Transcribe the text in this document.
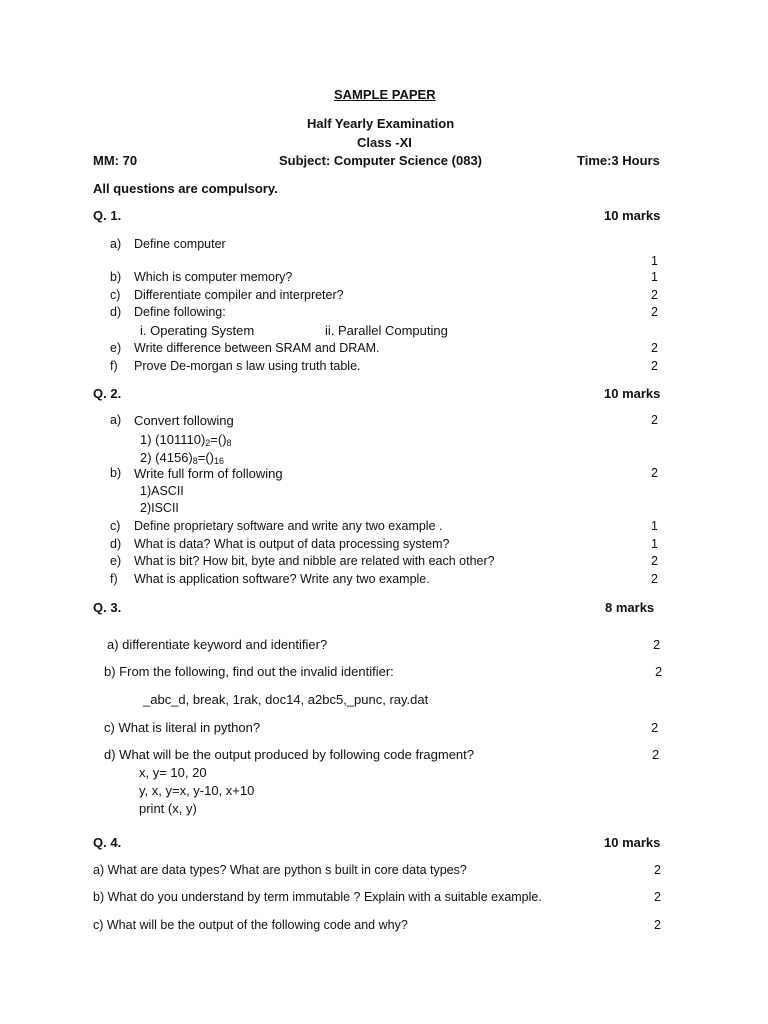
SAMPLE PAPER
Half Yearly Examination
Class -XI
MM: 70	Subject: Computer Science (083)	Time:3 Hours
All questions are compulsory.
Q. 1.	10 marks
a) Define computer
1
b) Which is computer memory?	1
c) Differentiate compiler and interpreter?	2
d) Define following:	2
i. Operating System	ii. Parallel Computing
e) Write difference between SRAM and DRAM.	2
f) Prove De-morgan s law using truth table.	2
Q. 2.	10 marks
a) Convert following	2
1) $(101110)_2=()_8$
2) $(4156)_8=()_{16}$
b) Write full form of following	2
1)ASCII
2)ISCII
c) Define proprietary software and write any two example .	1
d) What is data? What is output of data processing system?	1
e) What is bit? How bit, byte and nibble are related with each other?	2
f) What is application software? Write any two example.	2
Q. 3.	8 marks
a) differentiate keyword and identifier?	2
b) From the following, find out the invalid identifier:	2
_abc_d, break, 1rak, doc14, a2bc5,_punc, ray.dat
c) What is literal in python?	2
d) What will be the output produced by following code fragment?	2
x, y= 10, 20
y, x, y=x, y-10, x+10
print (x, y)
Q. 4.	10 marks
a) What are data types? What are python s built in core data types?	2
b) What do you understand by term immutable ? Explain with a suitable example.	2
c) What will be the output of the following code and why?	2
